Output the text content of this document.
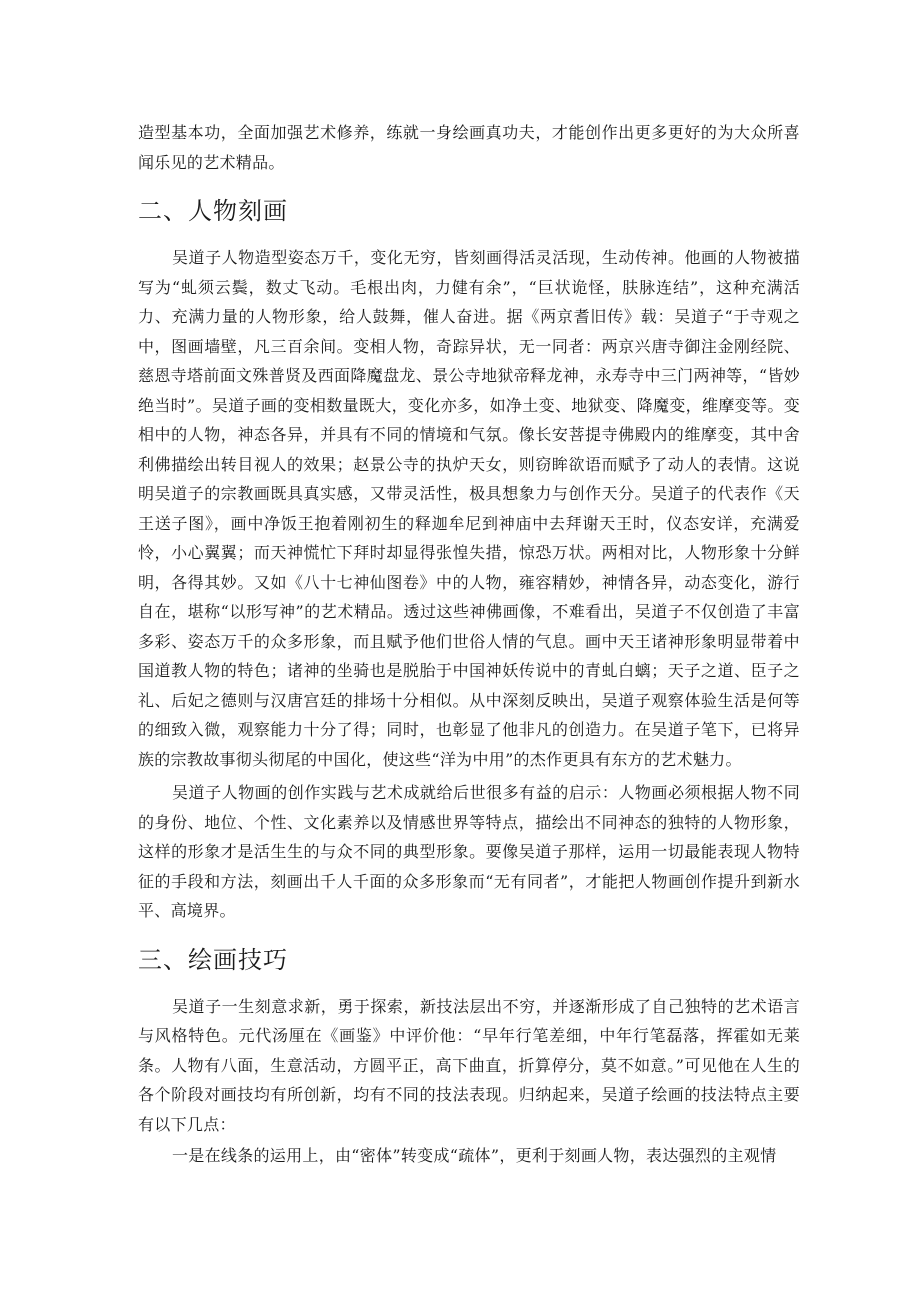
造型基本功，全面加强艺术修养，练就一身绘画真功夫，才能创作出更多更好的为大众所喜闻乐见的艺术精品。

二、人物刻画

吴道子人物造型姿态万千，变化无穷，皆刻画得活灵活现，生动传神。他画的人物被描写为“虬须云鬓，数丈飞动。毛根出肉，力健有余”，“巨状诡怪，肤脉连结”，这种充满活力、充满力量的人物形象，给人鼓舞，催人奋进。据《两京耆旧传》载：吴道子“于寺观之中，图画墙壁，凡三百余间。变相人物，奇踪异状，无一同者：两京兴唐寺御注金刚经院、慈恩寺塔前面文殊普贤及西面降魔盘龙、景公寺地狱帝释龙神，永寿寺中三门两神等，“皆妙绝当时”。吴道子画的变相数量既大，变化亦多，如净土变、地狱变、降魔变，维摩变等。变相中的人物，神态各异，并具有不同的情境和气氛。像长安菩提寺佛殿内的维摩变，其中舍利佛描绘出转目视人的效果；赵景公寺的执炉天女，则窃眸欲语而赋予了动人的表情。这说明吴道子的宗教画既具真实感，又带灵活性，极具想象力与创作天分。吴道子的代表作《天王送子图》，画中净饭王抱着刚初生的释迦牟尼到神庙中去拜谢天王时，仪态安详，充满爱怜，小心翼翼；而天神慌忙下拜时却显得张惶失措，惊恐万状。两相对比，人物形象十分鲜明，各得其妙。又如《八十七神仙图卷》中的人物，雍容精妙，神情各异，动态变化，游行自在，堪称“以形写神”的艺术精品。透过这些神佛画像，不难看出，吴道子不仅创造了丰富多彩、姿态万千的众多形象，而且赋予他们世俗人情的气息。画中天王诸神形象明显带着中国道教人物的特色；诸神的坐骑也是脱胎于中国神妖传说中的青虬白螭；天子之道、臣子之礼、后妃之德则与汉唐宫廷的排场十分相似。从中深刻反映出，吴道子观察体验生活是何等的细致入微，观察能力十分了得；同时，也彰显了他非凡的创造力。在吴道子笔下，已将异族的宗教故事彻头彻尾的中国化，使这些“洋为中用”的杰作更具有东方的艺术魅力。

吴道子人物画的创作实践与艺术成就给后世很多有益的启示：人物画必须根据人物不同的身份、地位、个性、文化素养以及情感世界等特点，描绘出不同神态的独特的人物形象，这样的形象才是活生生的与众不同的典型形象。要像吴道子那样，运用一切最能表现人物特征的手段和方法，刻画出千人千面的众多形象而“无有同者”，才能把人物画创作提升到新水平、高境界。

三、绘画技巧

吴道子一生刻意求新，勇于探索，新技法层出不穷，并逐渐形成了自己独特的艺术语言与风格特色。元代汤厘在《画鉴》中评价他：“早年行笔差细，中年行笔磊落，挥霍如无莱条。人物有八面，生意活动，方圆平正，高下曲直，折算停分，莫不如意。”可见他在人生的各个阶段对画技均有所创新，均有不同的技法表现。归纳起来，吴道子绘画的技法特点主要有以下几点：

一是在线条的运用上，由“密体”转变成“疏体”，更利于刻画人物，表达强烈的主观情
